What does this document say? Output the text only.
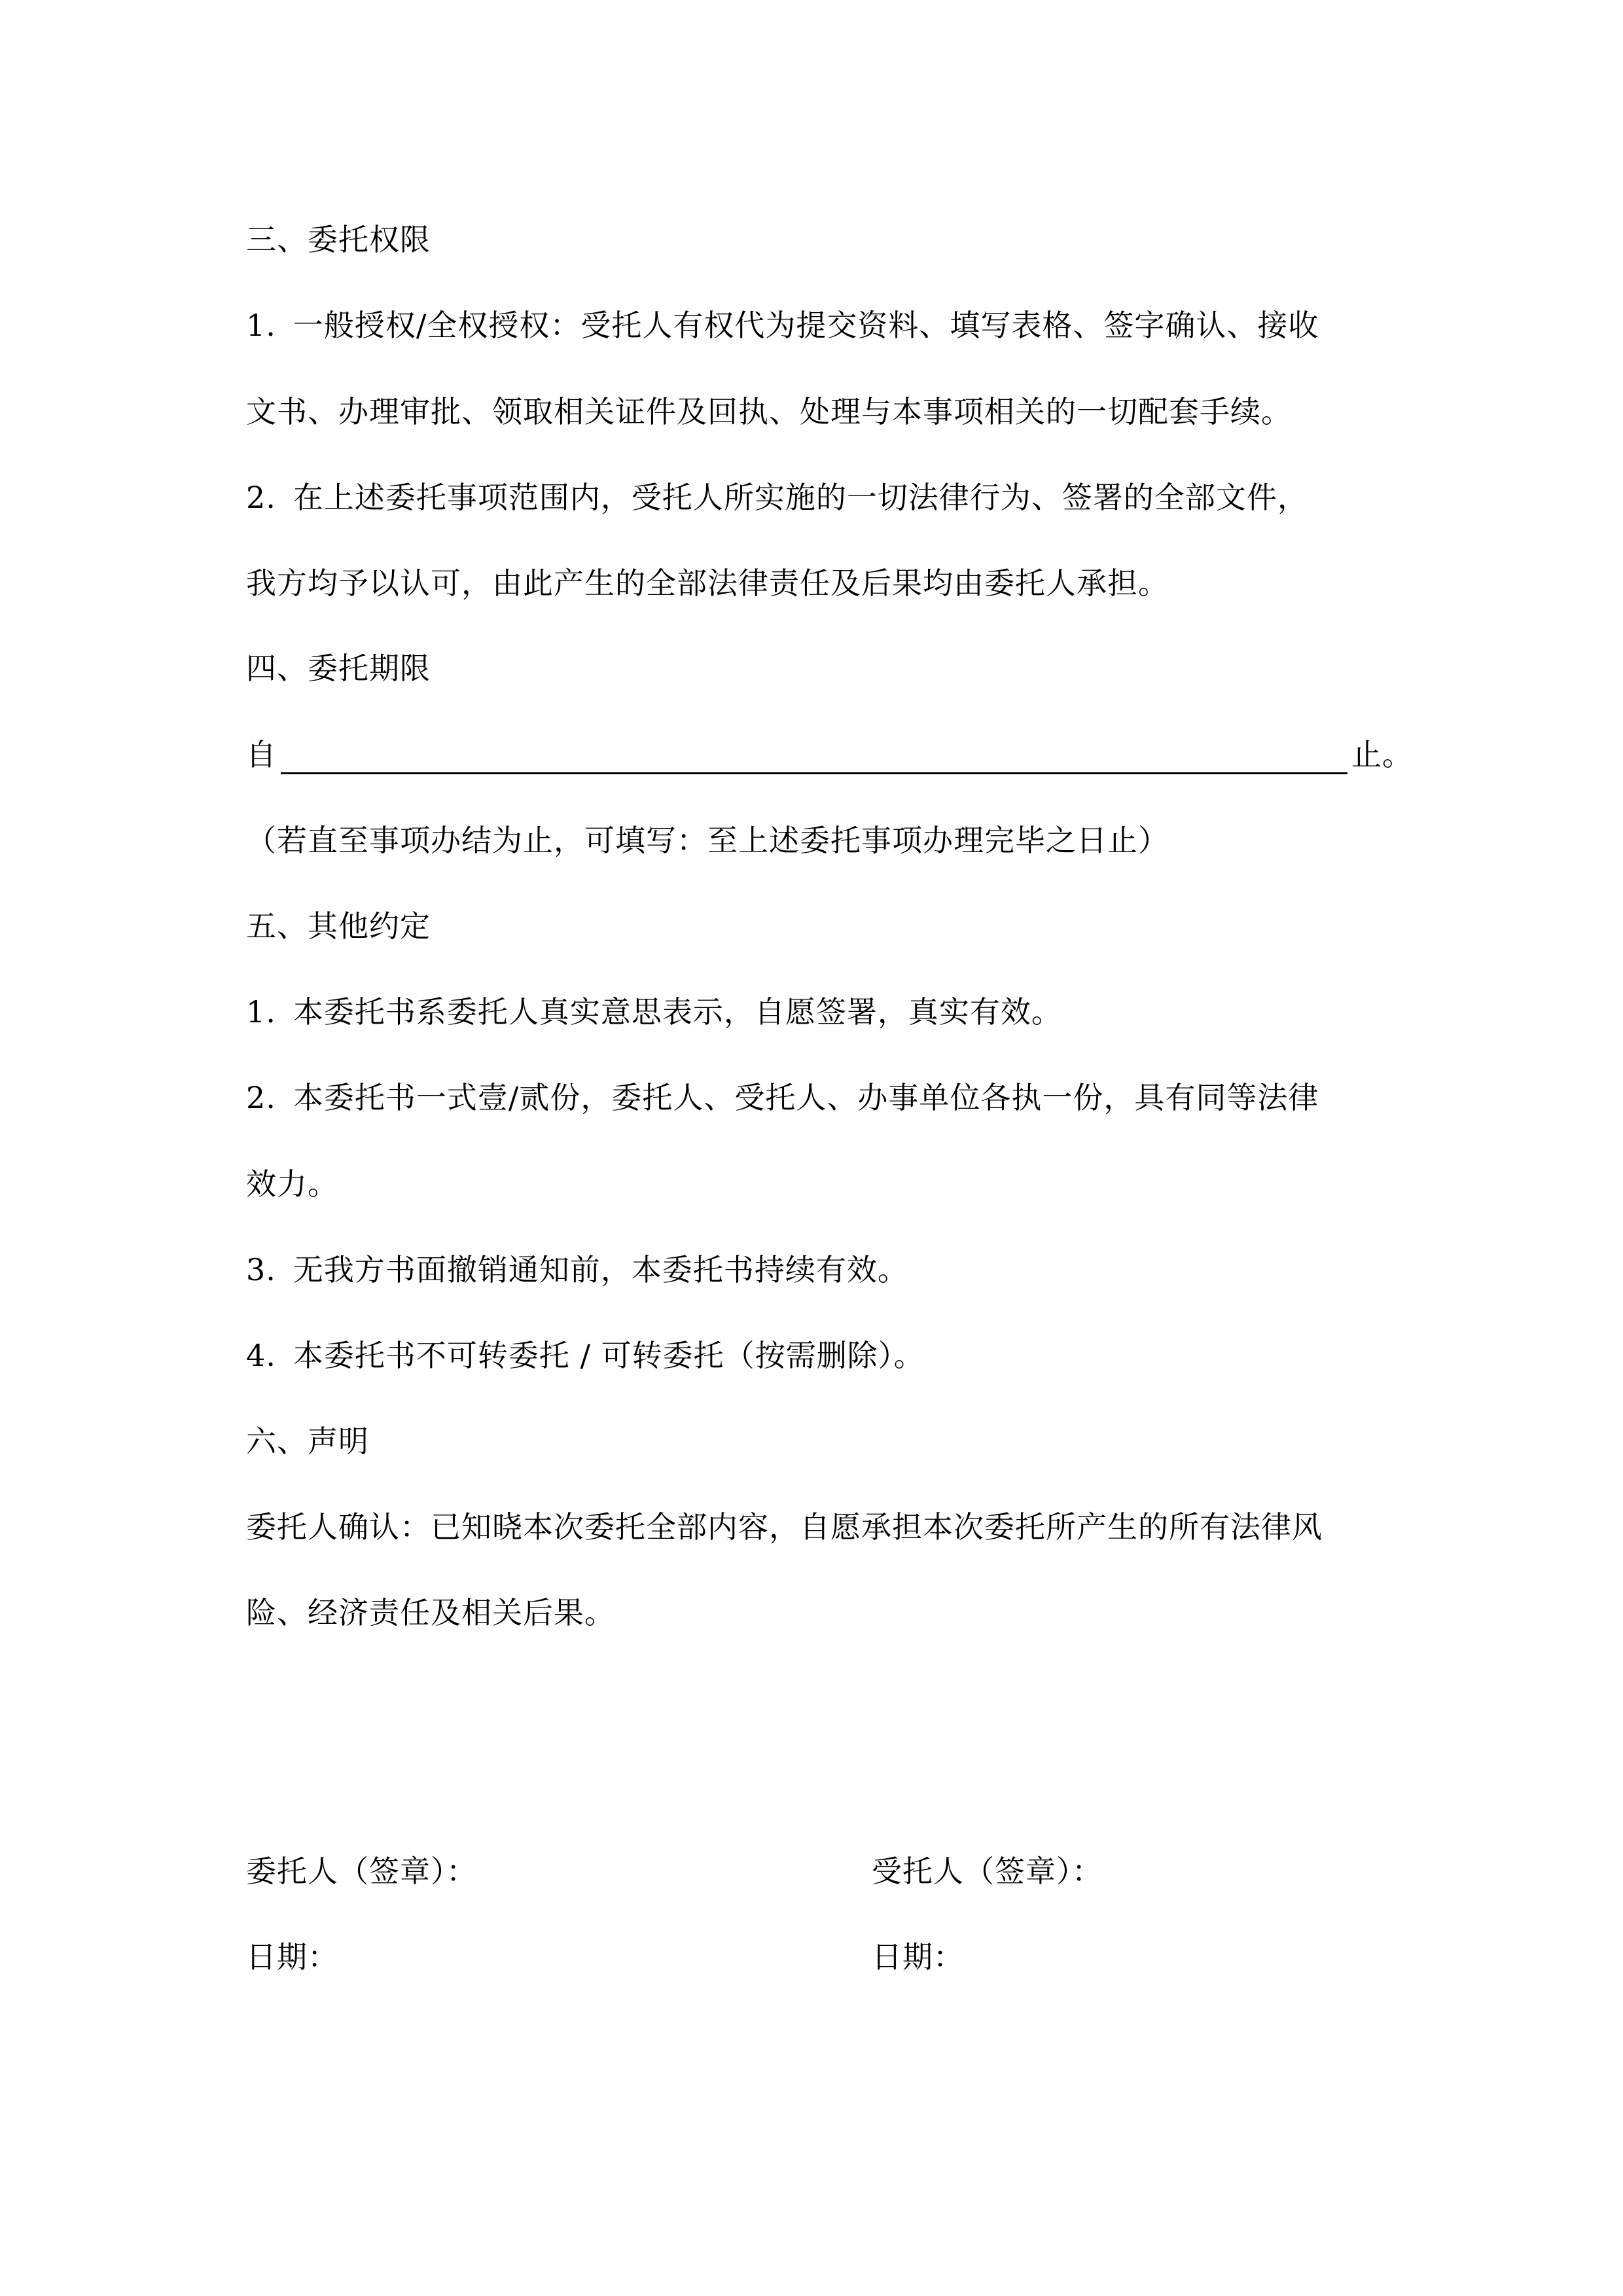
三、委托权限
1. 一般授权/全权授权：受托人有权代为提交资料、填写表格、签字确认、接收
文书、办理审批、领取相关证件及回执、处理与本事项相关的一切配套手续。
2. 在上述委托事项范围内，受托人所实施的一切法律行为、签署的全部文件，
我方均予以认可，由此产生的全部法律责任及后果均由委托人承担。
四、委托期限
自	止。
（若直至事项办结为止，可填写：至上述委托事项办理完毕之日止）
五、其他约定
1. 本委托书系委托人真实意思表示，自愿签署，真实有效。
2. 本委托书一式壹/贰份，委托人、受托人、办事单位各执一份，具有同等法律
效力。
3. 无我方书面撤销通知前，本委托书持续有效。
4. 本委托书不可转委托 / 可转委托（按需删除）。
六、声明
委托人确认：已知晓本次委托全部内容，自愿承担本次委托所产生的所有法律风
险、经济责任及相关后果。
委托人（签章）：	受托人（签章）：
日期：	日期：
